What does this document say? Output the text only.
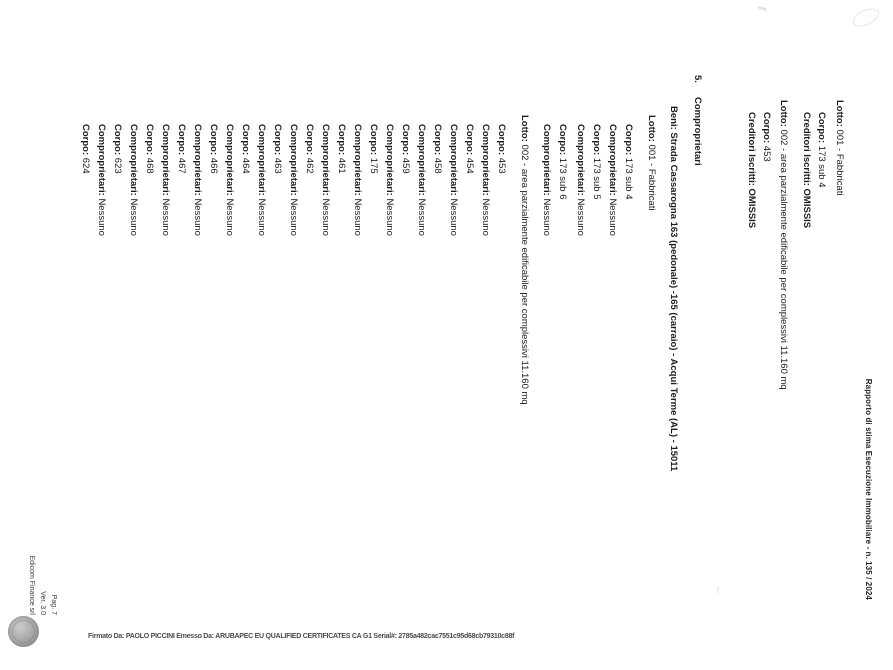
Rapporto di stima Esecuzione Immobiliare - n. 135 / 2024
5.Comproprietari	Lotto: 001 - Fabbricati
Corpo: 173 sub 4
Creditori Iscritti: OMISSIS
Lotto: 002 - area parzialmente edificabile per complessivi 11.160 mq
Corpo: 453
Creditori Iscritti: OMISSIS
Beni: Strada Cassarogna 163 (pedonale) -165 (carraio) - Acqui Terme (AL) - 15011
Lotto: 001 - Fabbricati
Corpo: 173 sub 4
Comproprietari: Nessuno
Corpo: 173 sub 5
Comproprietari: Nessuno
Corpo: 173 sub 6
Comproprietari: Nessuno
Lotto: 002 - area parzialmente edificabile per complessivi 11.160 mq
Corpo: 453
Comproprietari: Nessuno
Corpo: 454
Comproprietari: Nessuno
Corpo: 458
Comproprietari: Nessuno
Corpo: 459
Comproprietari: Nessuno
Corpo: 175
Comproprietari: Nessuno
Corpo: 461
Comproprietari: Nessuno
Corpo: 462
Comproprietari: Nessuno
Corpo: 463
Comproprietari: Nessuno
Corpo: 464
Comproprietari: Nessuno
Corpo: 466
Comproprietari: Nessuno
Corpo: 467
Comproprietari: Nessuno
Corpo: 468
Comproprietari: Nessuno
Corpo: 623
Comproprietari: Nessuno
Corpo: 624
Pag. 7
Ver. 3.0
Edicom Finance srl
Firmato Da: PAOLO PICCINI Emesso Da: ARUBAPEC EU QUALIFIED CERTIFICATES CA G1 Serial#: 2785a482cac7551c95d68cb79310c88f
